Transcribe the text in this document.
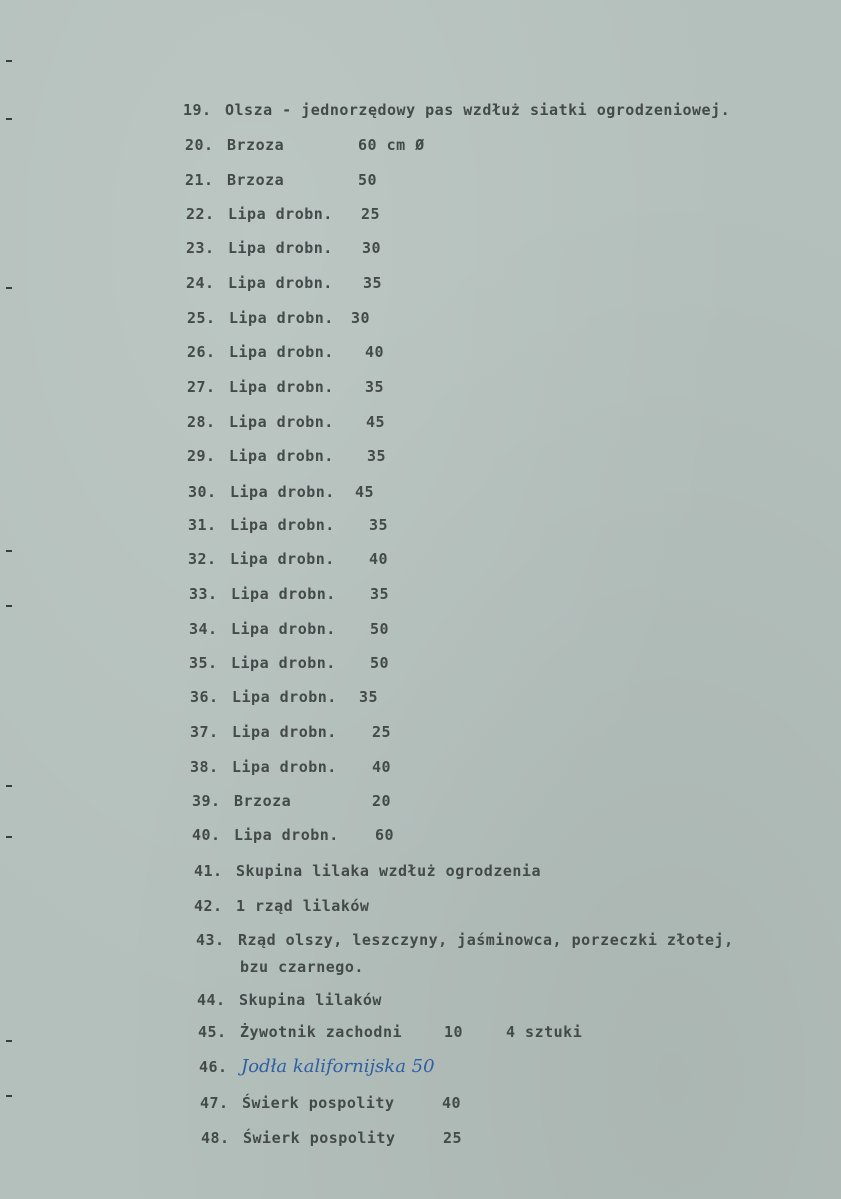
19. Olsza - jednorzędowy pas wzdłuż siatki ogrodzeniowej.
20. Brzoza	60 cm Ø
21. Brzoza	50
22. Lipa drobn. 25
23. Lipa drobn. 30
24. Lipa drobn. 35
25. Lipa drobn. 30
26. Lipa drobn. 40
27. Lipa drobn. 35
28. Lipa drobn. 45
29. Lipa drobn. 35
30. Lipa drobn. 45
31. Lipa drobn. 35
32. Lipa drobn. 40
33. Lipa drobn. 35
34. Lipa drobn. 50
35. Lipa drobn. 50
36. Lipa drobn. 35
37. Lipa drobn. 25
38. Lipa drobn. 40
39. Brzoza	20
40. Lipa drobn. 60
41. Skupina lilaka wzdłuż ogrodzenia
42. 1 rząd lilaków
43. Rząd olszy, leszczyny, jaśminowca, porzeczki złotej,
bzu czarnego.
44. Skupina lilaków
45. Żywotnik zachodni	10	4 sztuki
46. Jodła kalifornijska 50
47. Świerk pospolity	40
48. Świerk pospolity	25
